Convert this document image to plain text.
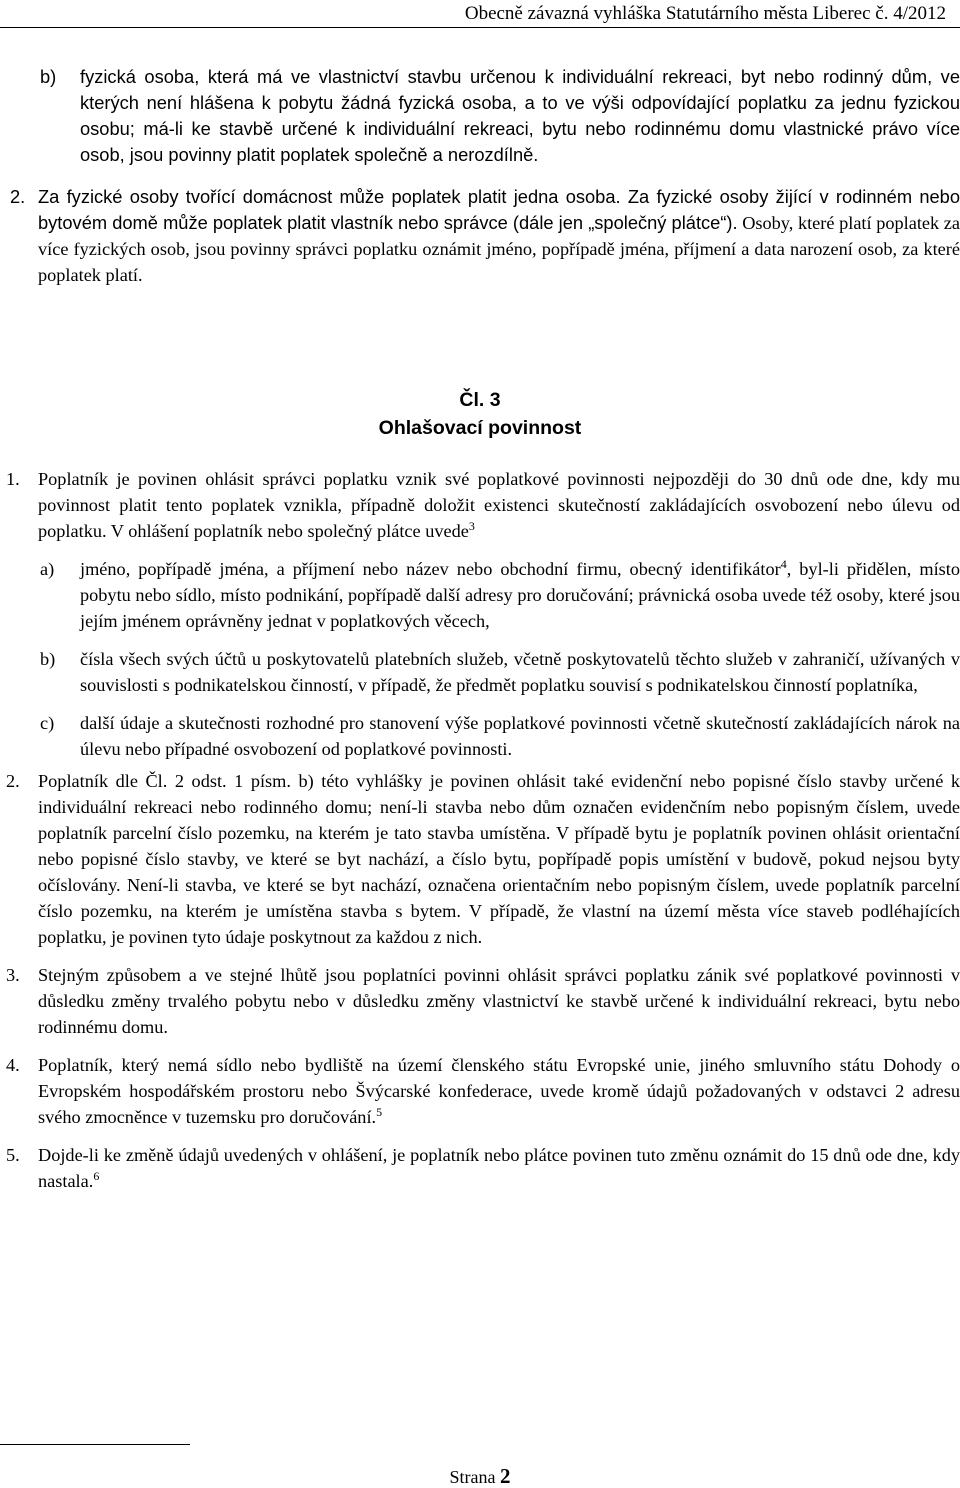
Obecně závazná vyhláška Statutárního města Liberec č. 4/2012
b) fyzická osoba, která má ve vlastnictví stavbu určenou k individuální rekreaci, byt nebo rodinný dům, ve kterých není hlášena k pobytu žádná fyzická osoba, a to ve výši odpovídající poplatku za jednu fyzickou osobu; má-li ke stavbě určené k individuální rekreaci, bytu nebo rodinnému domu vlastnické právo více osob, jsou povinny platit poplatek společně a nerozdílně.

2. Za fyzické osoby tvořící domácnost může poplatek platit jedna osoba. Za fyzické osoby žijící v rodinném nebo bytovém domě může poplatek platit vlastník nebo správce (dále jen „společný plátce“). Osoby, které platí poplatek za více fyzických osob, jsou povinny správci poplatku oznámit jméno, popřípadě jména, příjmení a data narození osob, za které poplatek platí.

Čl. 3
Ohlašovací povinnost
1. Poplatník je povinen ohlásit správci poplatku vznik své poplatkové povinnosti nejpozději do 30 dnů ode dne, kdy mu povinnost platit tento poplatek vznikla, případně doložit existenci skutečností zakládajících osvobození nebo úlevu od poplatku. V ohlášení poplatník nebo společný plátce uvede$^3$

a) jméno, popřípadě jména, a příjmení nebo název nebo obchodní firmu, obecný identifikátor$^4$, byl-li přidělen, místo pobytu nebo sídlo, místo podnikání, popřípadě další adresy pro doručování; právnická osoba uvede též osoby, které jsou jejím jménem oprávněny jednat v poplatkových věcech,

b) čísla všech svých účtů u poskytovatelů platebních služeb, včetně poskytovatelů těchto služeb v zahraničí, užívaných v souvislosti s podnikatelskou činností, v případě, že předmět poplatku souvisí s podnikatelskou činností poplatníka,

c) další údaje a skutečnosti rozhodné pro stanovení výše poplatkové povinnosti včetně skutečností zakládajících nárok na úlevu nebo případné osvobození od poplatkové povinnosti.

2. Poplatník dle Čl. 2 odst. 1 písm. b) této vyhlášky je povinen ohlásit také evidenční nebo popisné číslo stavby určené k individuální rekreaci nebo rodinného domu; není-li stavba nebo dům označen evidenčním nebo popisným číslem, uvede poplatník parcelní číslo pozemku, na kterém je tato stavba umístěna. V případě bytu je poplatník povinen ohlásit orientační nebo popisné číslo stavby, ve které se byt nachází, a číslo bytu, popřípadě popis umístění v budově, pokud nejsou byty očíslovány. Není-li stavba, ve které se byt nachází, označena orientačním nebo popisným číslem, uvede poplatník parcelní číslo pozemku, na kterém je umístěna stavba s bytem. V případě, že vlastní na území města více staveb podléhajících poplatku, je povinen tyto údaje poskytnout za každou z nich.

3. Stejným způsobem a ve stejné lhůtě jsou poplatníci povinni ohlásit správci poplatku zánik své poplatkové povinnosti v důsledku změny trvalého pobytu nebo v důsledku změny vlastnictví ke stavbě určené k individuální rekreaci, bytu nebo rodinnému domu.

4. Poplatník, který nemá sídlo nebo bydliště na území členského státu Evropské unie, jiného smluvního státu Dohody o Evropském hospodářském prostoru nebo Švýcarské konfederace, uvede kromě údajů požadovaných v odstavci 2 adresu svého zmocněnce v tuzemsku pro doručování.$^5$

5. Dojde-li ke změně údajů uvedených v ohlášení, je poplatník nebo plátce povinen tuto změnu oznámit do 15 dnů ode dne, kdy nastala.$^6$

Strana 2
